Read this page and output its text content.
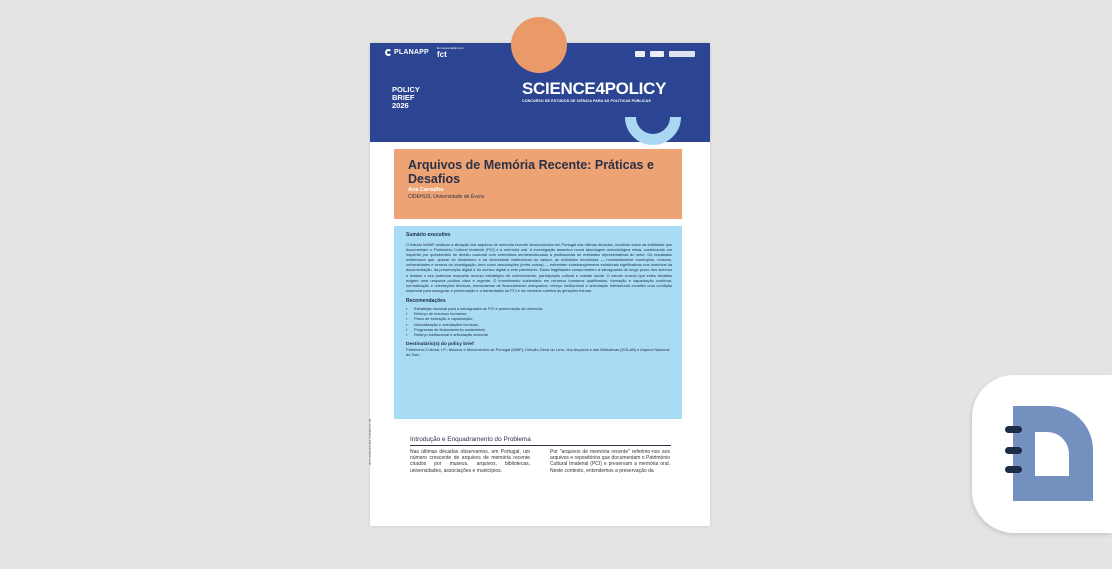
PLANAPP
Em associação com
fct
POLICY
BRIEF
2026
SCIENCE4POLICY
CONCURSO DE ESTUDOS DE CIÊNCIA PARA AS POLÍTICAS PÚBLICAS
DI-PLANAPP-PB-02/2026-S4P
Arquivos de Memória Recente: Práticas e Desafios
Ana Carvalho
CIDEHUS, Universidade de Évora
Sumário executivo

O estudo InMAP analisou a situação dos arquivos de memória recente desenvolvidos em Portugal nas últimas décadas, incidindo sobre as entidades que documentam o Património Cultural Imaterial (PCI) e a memória oral. A investigação assentou numa abordagem metodológica mista, combinando um inquérito por questionário de âmbito nacional com entrevistas semiestruturadas a profissionais de entidades representativas do setor. Os resultados evidenciam que, apesar do dinamismo e da diversidade institucional do campo, as entidades envolvidas — nomeadamente municípios, museus, universidades e centros de investigação, bem como associações (entre outras) — enfrentam constrangimentos estruturais significativos nos domínios da documentação, da preservação digital e do acesso digital a este património. Estas fragilidades comprometem a salvaguarda de longo prazo dos acervos e limitam o seu potencial enquanto recurso estratégico de conhecimento, participação cultural e coesão social. O estudo conclui que estes desafios exigem uma resposta política clara e urgente. O investimento sustentado em recursos humanos qualificados, formação e capacitação contínua, normalização e orientações técnicas, mecanismos de financiamento adequados, reforço institucional e articulação intersetorial constitui uma condição essencial para assegurar a preservação e a transmissão do PCI e da memória coletiva às gerações futuras.

Recomendações
▪ Estratégia nacional para a salvaguarda do PCI e preservação da memória;
▪ Reforço de recursos humanos;
▪ Plano de formação e capacitação;
▪ Normalização e orientações técnicas;
▪ Programas de financiamento sustentável;
▪ Reforço institucional e articulação sectorial.
Destinatário(s) do policy brief
Património Cultural, I.P.; Museus e Monumentos de Portugal (MMP); Direção-Geral do Livro, dos Arquivos e das Bibliotecas (DGLAB) e Arquivo Nacional do Som
Introdução e Enquadramento do Problema
Nas últimas décadas observamos, em Portugal, um número crescente de arquivos de memória recente criados por museus, arquivos, bibliotecas, universidades, associações e municípios.
Por "arquivos de memória recente" referimo-nos aos arquivos e repositórios que documentam o Património Cultural Imaterial (PCI) e preservam a memória oral. Neste contexto, entendemos a preservação da
